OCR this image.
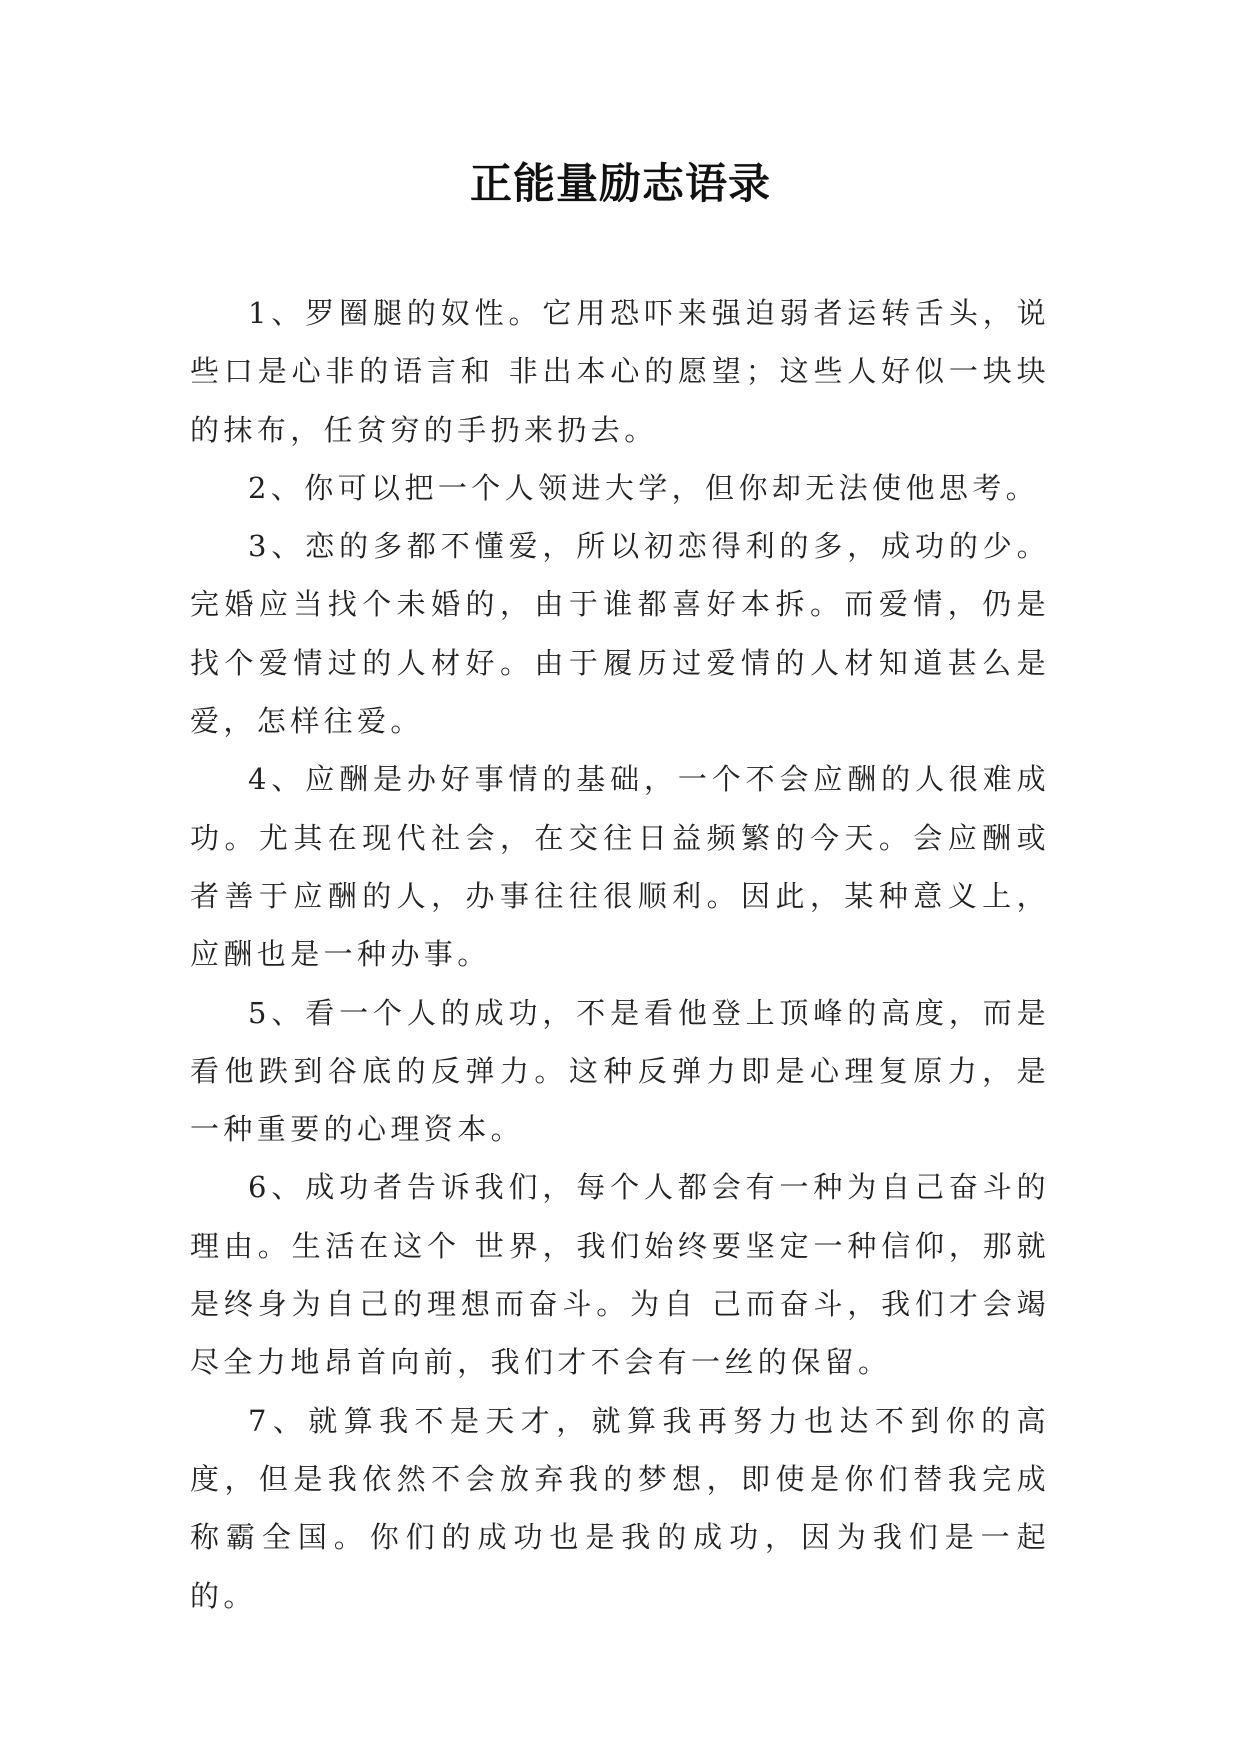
正能量励志语录

1、罗圈腿的奴性。它用恐吓来强迫弱者运转舌头，说些口是心非的语言和 非出本心的愿望；这些人好似一块块的抹布，任贫穷的手扔来扔去。

2、你可以把一个人领进大学，但你却无法使他思考。

3、恋的多都不懂爱，所以初恋得利的多，成功的少。完婚应当找个未婚的，由于谁都喜好本拆。而爱情，仍是找个爱情过的人材好。由于履历过爱情的人材知道甚么是爱，怎样往爱。

4、应酬是办好事情的基础，一个不会应酬的人很难成功。尤其在现代社会，在交往日益频繁的今天。会应酬或者善于应酬的人，办事往往很顺利。因此，某种意义上，应酬也是一种办事。

5、看一个人的成功，不是看他登上顶峰的高度，而是看他跌到谷底的反弹力。这种反弹力即是心理复原力，是一种重要的心理资本。

6、成功者告诉我们，每个人都会有一种为自己奋斗的理由。生活在这个 世界，我们始终要坚定一种信仰，那就是终身为自己的理想而奋斗。为自 己而奋斗，我们才会竭尽全力地昂首向前，我们才不会有一丝的保留。

7、就算我不是天才，就算我再努力也达不到你的高度，但是我依然不会放弃我的梦想，即使是你们替我完成称霸全国。你们的成功也是我的成功，因为我们是一起的。
